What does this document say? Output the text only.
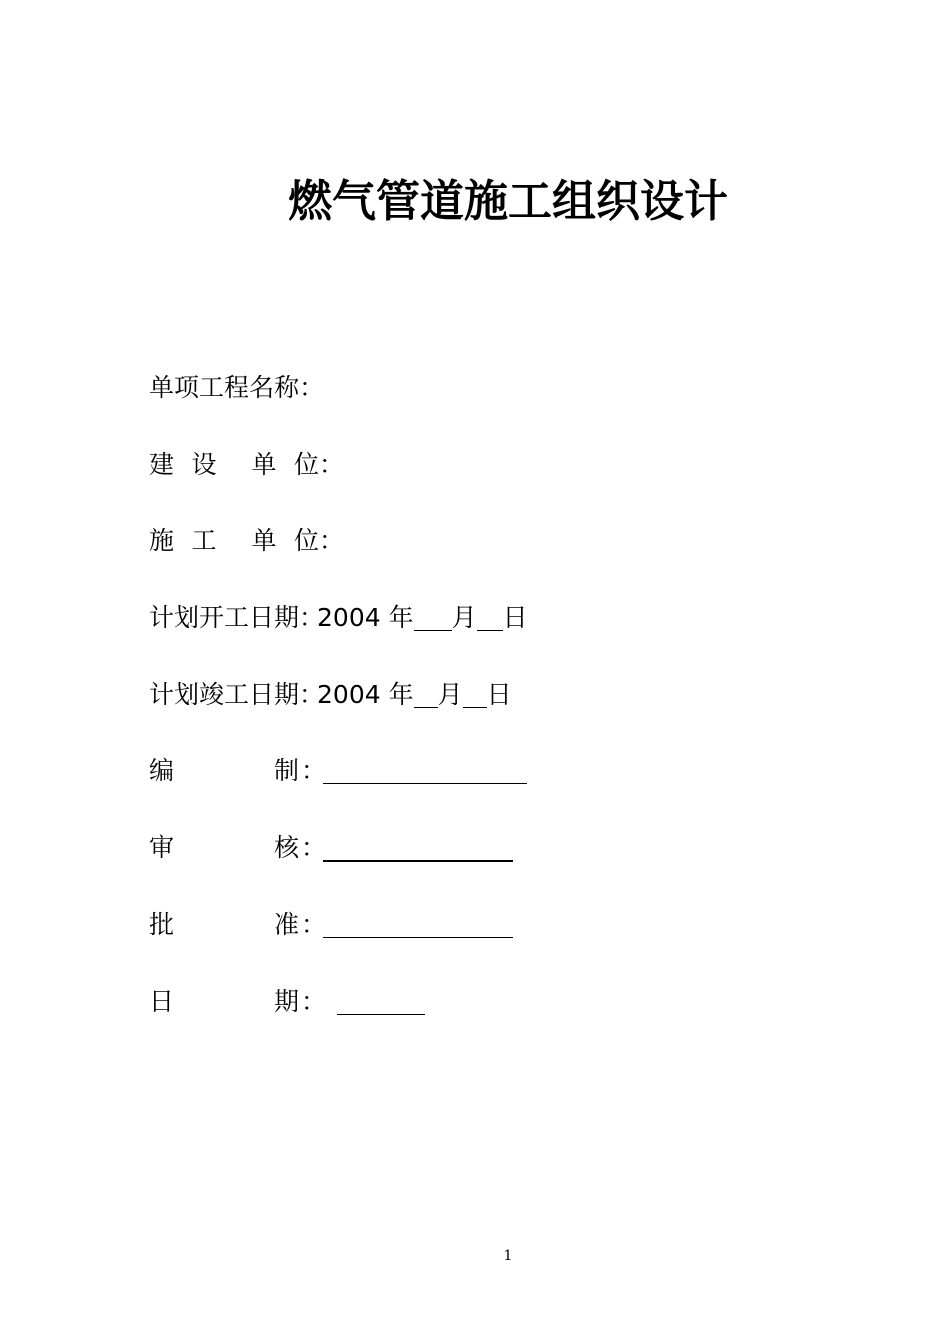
燃气管道施工组织设计
单项工程名称：
建 设 单 位 ：
施 工 单 位 ：
计划开工日期：2004 年 月 日
计划竣工日期：2004 年 月 日
编	制 ：
审	核 ：
批	准 ：
日	期 ：
1
